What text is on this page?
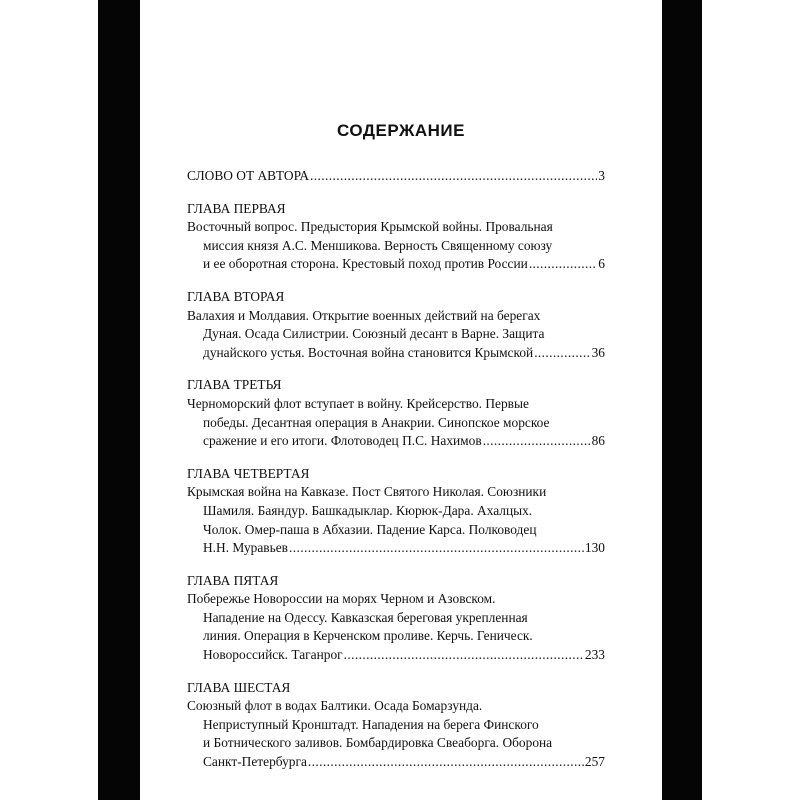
СОДЕРЖАНИЕ
СЛОВО ОТ АВТОРА .....	3
ГЛАВА ПЕРВАЯ

Восточный вопрос. Предыстория Крымской войны. Провальная

миссия князя А.С. Меншикова. Верность Священному союзу

и ее оборотная сторона. Крестовый поход против России .....	6

ГЛАВА ВТОРАЯ

Валахия и Молдавия. Открытие военных действий на берегах

Дуная. Осада Силистрии. Союзный десант в Варне. Защита

дунайского устья. Восточная война становится Крымской .....	36

ГЛАВА ТРЕТЬЯ

Черноморский флот вступает в войну. Крейсерство. Первые

победы. Десантная операция в Анакрии. Синопское морское

сражение и его итоги. Флотоводец П.С. Нахимов .....	86

ГЛАВА ЧЕТВЕРТАЯ

Крымская война на Кавказе. Пост Святого Николая. Союзники

Шамиля. Баяндур. Башкадыклар. Кюрюк-Дара. Ахалцых.

Чолок. Омер-паша в Абхазии. Падение Карса. Полководец

Н.Н. Муравьев .....	130

ГЛАВА ПЯТАЯ

Побережье Новороссии на морях Черном и Азовском.

Нападение на Одессу. Кавказская береговая укрепленная

линия. Операция в Керченском проливе. Керчь. Геническ.

Новороссийск. Таганрог .....	233

ГЛАВА ШЕСТАЯ

Союзный флот в водах Балтики. Осада Бомарзунда.

Неприступный Кронштадт. Нападения на берега Финского

и Ботнического заливов. Бомбардировка Свеаборга. Оборона

Санкт-Петербурга .....	257
